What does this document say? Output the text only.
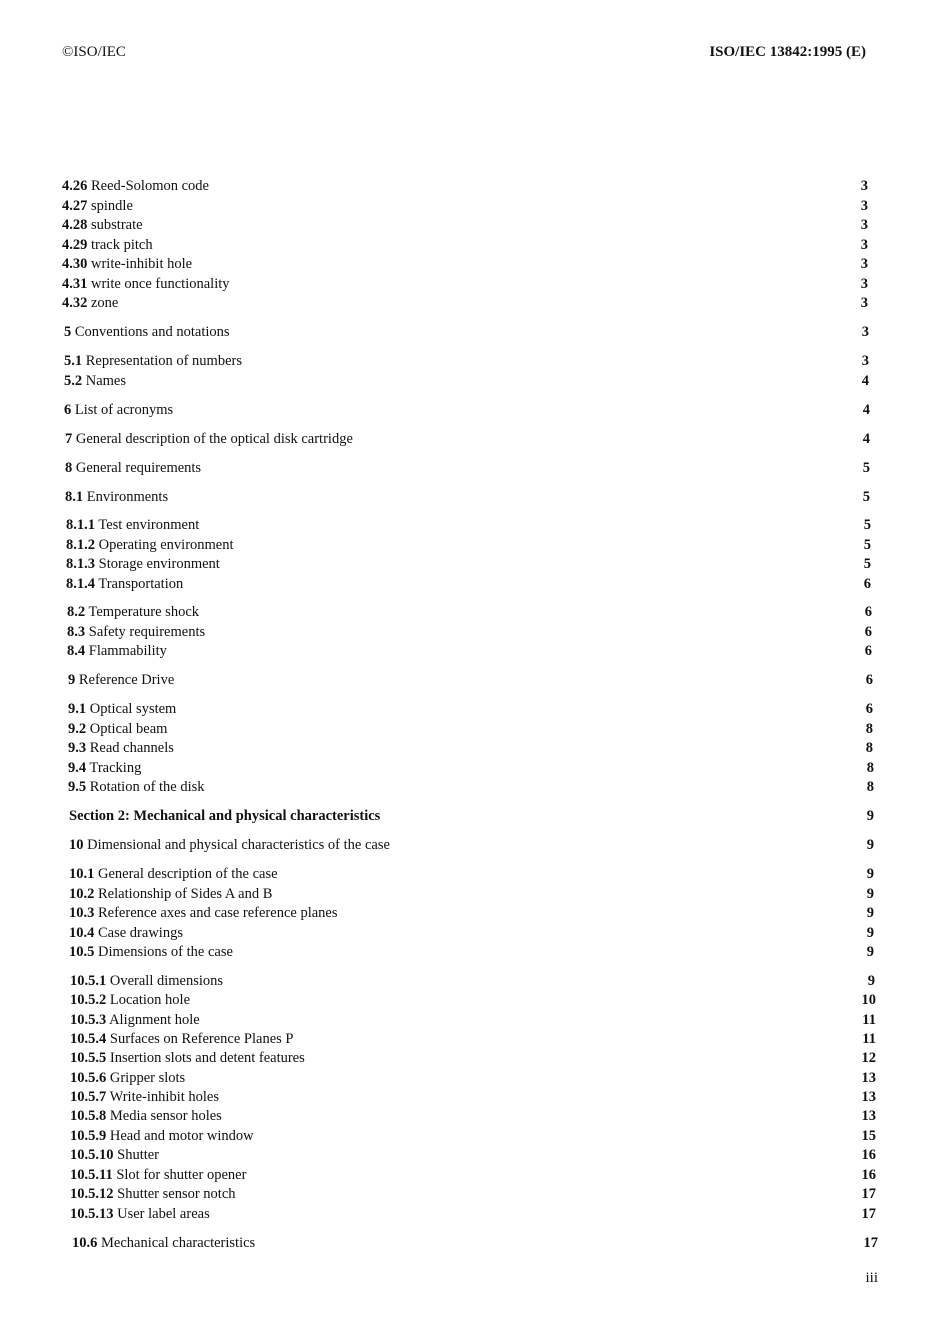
©ISO/IEC	ISO/IEC 13842:1995 (E)
4.26 Reed-Solomon code	3
4.27 spindle	3
4.28 substrate	3
4.29 track pitch	3
4.30 write-inhibit hole	3
4.31 write once functionality	3
4.32 zone	3
5 Conventions and notations	3
5.1 Representation of numbers	3
5.2 Names	4
6 List of acronyms	4
7 General description of the optical disk cartridge	4
8 General requirements	5
8.1 Environments	5
8.1.1 Test environment	5
8.1.2 Operating environment	5
8.1.3 Storage environment	5
8.1.4 Transportation	6
8.2 Temperature shock	6
8.3 Safety requirements	6
8.4 Flammability	6
9 Reference Drive	6
9.1 Optical system	6
9.2 Optical beam	8
9.3 Read channels	8
9.4 Tracking	8
9.5 Rotation of the disk	8
Section 2: Mechanical and physical characteristics	9
10 Dimensional and physical characteristics of the case	9
10.1 General description of the case	9
10.2 Relationship of Sides A and B	9
10.3 Reference axes and case reference planes	9
10.4 Case drawings	9
10.5 Dimensions of the case	9
10.5.1 Overall dimensions	9
10.5.2 Location hole	10
10.5.3 Alignment hole	11
10.5.4 Surfaces on Reference Planes P	11
10.5.5 Insertion slots and detent features	12
10.5.6 Gripper slots	13
10.5.7 Write-inhibit holes	13
10.5.8 Media sensor holes	13
10.5.9 Head and motor window	15
10.5.10 Shutter	16
10.5.11 Slot for shutter opener	16
10.5.12 Shutter sensor notch	17
10.5.13 User label areas	17
10.6 Mechanical characteristics	17
iii
